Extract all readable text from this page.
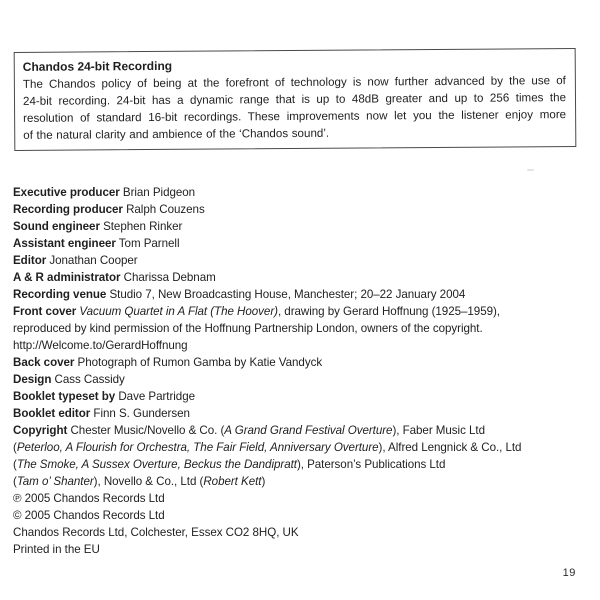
Chandos 24-bit Recording
The Chandos policy of being at the forefront of technology is now further advanced by the use of
24-bit recording. 24-bit has a dynamic range that is up to 48dB greater and up to 256 times the
resolution of standard 16-bit recordings. These improvements now let you the listener enjoy more
of the natural clarity and ambience of the ‘Chandos sound’.
Executive producer Brian Pidgeon
Recording producer Ralph Couzens
Sound engineer Stephen Rinker
Assistant engineer Tom Parnell
Editor Jonathan Cooper
A & R administrator Charissa Debnam
Recording venue Studio 7, New Broadcasting House, Manchester; 20–22 January 2004
Front cover Vacuum Quartet in A Flat (The Hoover), drawing by Gerard Hoffnung (1925–1959),
reproduced by kind permission of the Hoffnung Partnership London, owners of the copyright.
http://Welcome.to/GerardHoffnung
Back cover Photograph of Rumon Gamba by Katie Vandyck
Design Cass Cassidy
Booklet typeset by Dave Partridge
Booklet editor Finn S. Gundersen
Copyright Chester Music/Novello & Co. (A Grand Grand Festival Overture), Faber Music Ltd
(Peterloo, A Flourish for Orchestra, The Fair Field, Anniversary Overture), Alfred Lengnick & Co., Ltd
(The Smoke, A Sussex Overture, Beckus the Dandipratt), Paterson’s Publications Ltd
(Tam o’ Shanter), Novello & Co., Ltd (Robert Kett)
℗ 2005 Chandos Records Ltd
© 2005 Chandos Records Ltd
Chandos Records Ltd, Colchester, Essex CO2 8HQ, UK
Printed in the EU
19
